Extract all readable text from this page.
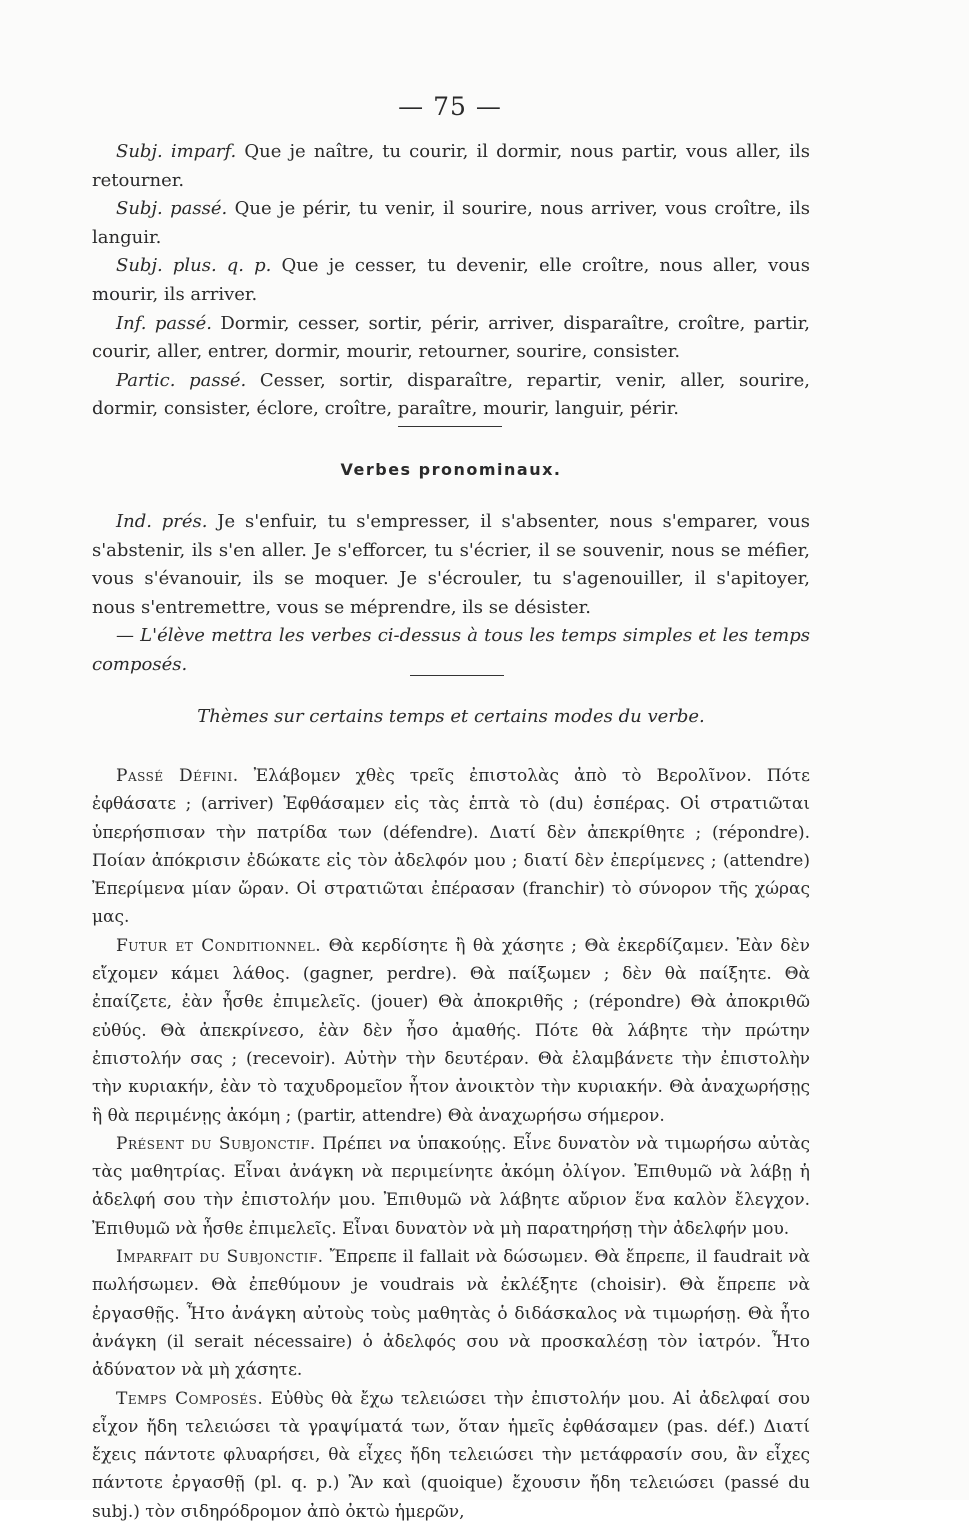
— 75 —

Subj. imparf. Que je naître, tu courir, il dormir, nous partir, vous aller, ils retourner.

Subj. passé. Que je périr, tu venir, il sourire, nous arriver, vous croître, ils languir.

Subj. plus. q. p. Que je cesser, tu devenir, elle croître, nous aller, vous mourir, ils arriver.

Inf. passé. Dormir, cesser, sortir, périr, arriver, disparaître, croître, partir, courir, aller, entrer, dormir, mourir, retourner, sourire, consister.

Partic. passé. Cesser, sortir, disparaître, repartir, venir, aller, sourire, dormir, consister, éclore, croître, paraître, mourir, languir, périr.

Verbes pronominaux.

Ind. prés. Je s'enfuir, tu s'empresser, il s'absenter, nous s'emparer, vous s'abstenir, ils s'en aller. Je s'efforcer, tu s'écrier, il se souvenir, nous se méfier, vous s'évanouir, ils se moquer. Je s'écrouler, tu s'agenouiller, il s'apitoyer, nous s'entremettre, vous se méprendre, ils se désister.

— L'élève mettra les verbes ci-dessus à tous les temps simples et les temps composés.

Thèmes sur certains temps et certains modes du verbe.

Passé Défini. Ἐλάβομεν χθὲς τρεῖς ἐπιστολὰς ἀπὸ τὸ Βερολῖνον. Πότε ἐφθάσατε ; (arriver) Ἐφθάσαμεν εἰς τὰς ἑπτὰ τὸ (du) ἑσπέρας. Οἱ στρατιῶται ὑπερήσπισαν τὴν πατρίδα των (défendre). Διατί δὲν ἀπεκρίθητε ; (répondre). Ποίαν ἀπόκρισιν ἐδώκατε εἰς τὸν ἀδελφόν μου ; διατί δὲν ἐπερίμενες ; (attendre) Ἐπερίμενα μίαν ὥραν. Οἱ στρατιῶται ἐπέρασαν (franchir) τὸ σύνορον τῆς χώρας μας.

Futur et Conditionnel. Θὰ κερδίσητε ἢ θὰ χάσητε ; Θὰ ἐκερδίζαμεν. Ἐὰν δὲν εἴχομεν κάμει λάθος. (gagner, perdre). Θὰ παίξωμεν ; δὲν θὰ παίξητε. Θὰ ἐπαίζετε, ἐὰν ἦσθε ἐπιμελεῖς. (jouer) Θὰ ἀποκριθῆς ; (répondre) Θὰ ἀποκριθῶ εὐθύς. Θὰ ἀπεκρίνεσο, ἐὰν δὲν ἦσο ἀμαθής. Πότε θὰ λάβητε τὴν πρώτην ἐπιστολήν σας ; (recevoir). Αὐτὴν τὴν δευτέραν. Θὰ ἐλαμβάνετε τὴν ἐπιστολὴν τὴν κυριακήν, ἐὰν τὸ ταχυδρομεῖον ἦτον ἀνοικτὸν τὴν κυριακήν. Θὰ ἀναχωρήσῃς ἢ θὰ περιμένῃς ἀκόμη ; (partir, attendre) Θὰ ἀναχωρήσω σήμερον.

Présent du Subjonctif. Πρέπει να ὑπακούῃς. Εἶνε δυνατὸν νὰ τιμωρήσω αὐτὰς τὰς μαθητρίας. Εἶναι ἀνάγκη νὰ περιμείνητε ἀκόμη ὀλίγον. Ἐπιθυμῶ νὰ λάβῃ ἡ ἀδελφή σου τὴν ἐπιστολήν μου. Ἐπιθυμῶ νὰ λάβητε αὔριον ἕνα καλὸν ἔλεγχον. Ἐπιθυμῶ νὰ ἦσθε ἐπιμελεῖς. Εἶναι δυνατὸν νὰ μὴ παρατηρήσῃ τὴν ἀδελφήν μου.

Imparfait du Subjonctif. Ἔπρεπε il fallait νὰ δώσωμεν. Θὰ ἔπρεπε, il faudrait νὰ πωλήσωμεν. Θὰ ἐπεθύμουν je voudrais νὰ ἐκλέξητε (choisir). Θὰ ἔπρεπε νὰ ἐργασθῇς. Ἦτο ἀνάγκη αὐτοὺς τοὺς μαθητὰς ὁ διδάσκαλος νὰ τιμωρήσῃ. Θὰ ἦτο ἀνάγκη (il serait nécessaire) ὁ ἀδελφός σου νὰ προσκαλέσῃ τὸν ἰατρόν. Ἦτο ἀδύνατον νὰ μὴ χάσητε.

Temps Composés. Εὐθὺς θὰ ἔχω τελειώσει τὴν ἐπιστολήν μου. Αἱ ἀδελφαί σου εἶχον ἤδη τελειώσει τὰ γραψίματά των, ὅταν ἡμεῖς ἐφθάσαμεν (pas. déf.) Διατί ἔχεις πάντοτε φλυαρήσει, θὰ εἶχες ἤδη τελειώσει τὴν μετάφρασίν σου, ἂν εἶχες πάντοτε ἐργασθῇ (pl. q. p.) Ἂν καὶ (quoique) ἔχουσιν ἤδη τελειώσει (passé du subj.) τὸν σιδηρόδρομον ἀπὸ ὀκτὼ ἡμερῶν,
